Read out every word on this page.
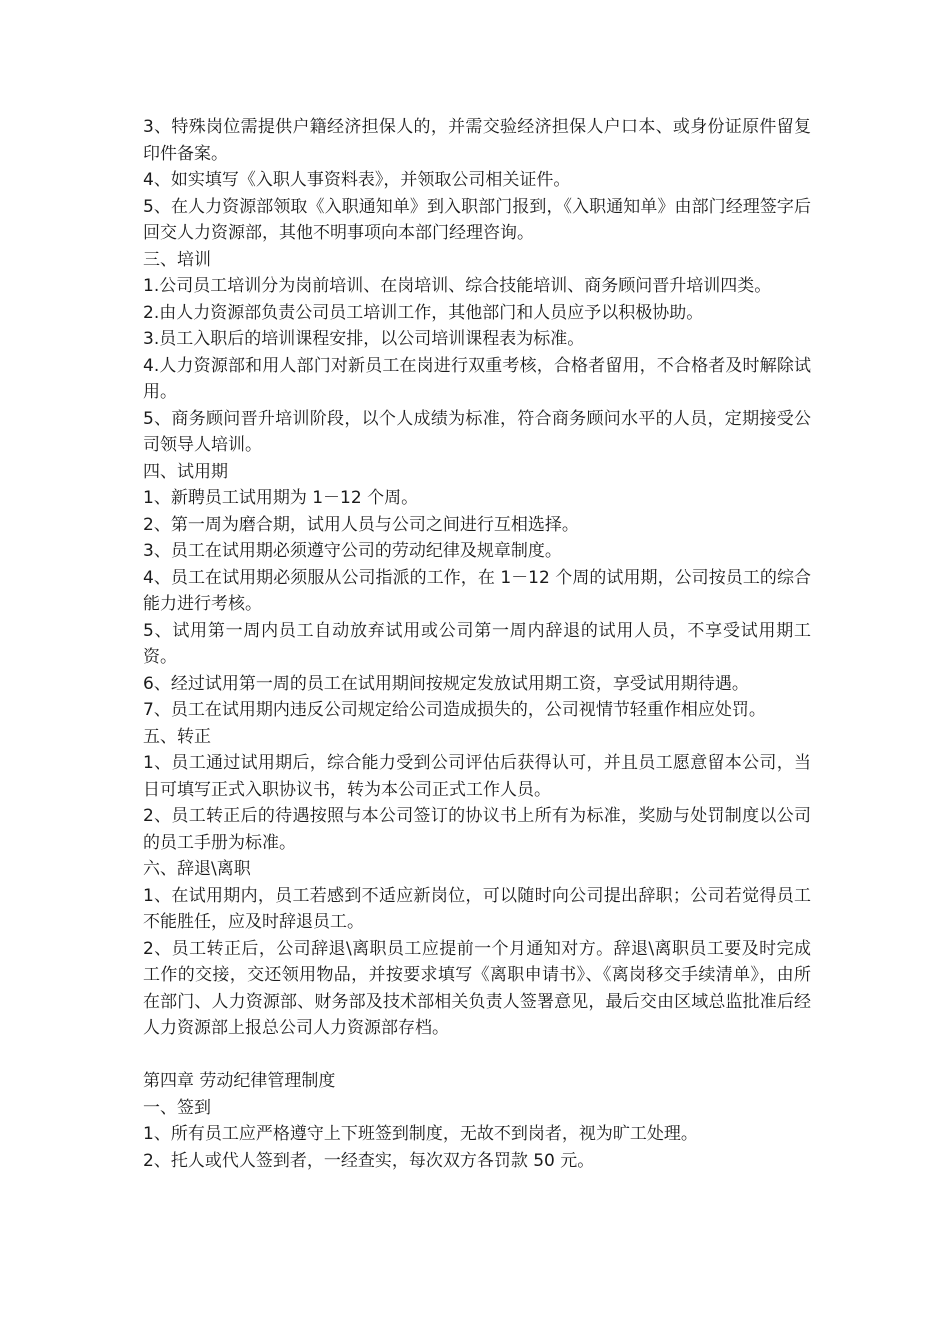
3、特殊岗位需提供户籍经济担保人的，并需交验经济担保人户口本、或身份证原件留复印件备案。

4、如实填写《入职人事资料表》，并领取公司相关证件。

5、在人力资源部领取《入职通知单》到入职部门报到，《入职通知单》由部门经理签字后回交人力资源部，其他不明事项向本部门经理咨询。

三、培训

1.公司员工培训分为岗前培训、在岗培训、综合技能培训、商务顾问晋升培训四类。

2.由人力资源部负责公司员工培训工作，其他部门和人员应予以积极协助。

3.员工入职后的培训课程安排，以公司培训课程表为标准。

4.人力资源部和用人部门对新员工在岗进行双重考核，合格者留用，不合格者及时解除试用。

5、商务顾问晋升培训阶段，以个人成绩为标准，符合商务顾问水平的人员，定期接受公司领导人培训。

四、试用期

1、新聘员工试用期为 1－12 个周。

2、第一周为磨合期，试用人员与公司之间进行互相选择。

3、员工在试用期必须遵守公司的劳动纪律及规章制度。

4、员工在试用期必须服从公司指派的工作，在 1－12 个周的试用期，公司按员工的综合能力进行考核。

5、试用第一周内员工自动放弃试用或公司第一周内辞退的试用人员，不享受试用期工资。

6、经过试用第一周的员工在试用期间按规定发放试用期工资，享受试用期待遇。

7、员工在试用期内违反公司规定给公司造成损失的，公司视情节轻重作相应处罚。

五、转正

1、员工通过试用期后，综合能力受到公司评估后获得认可，并且员工愿意留本公司，当日可填写正式入职协议书，转为本公司正式工作人员。

2、员工转正后的待遇按照与本公司签订的协议书上所有为标准，奖励与处罚制度以公司的员工手册为标准。

六、辞退\离职

1、在试用期内，员工若感到不适应新岗位，可以随时向公司提出辞职；公司若觉得员工不能胜任，应及时辞退员工。

2、员工转正后，公司辞退\离职员工应提前一个月通知对方。辞退\离职员工要及时完成工作的交接，交还领用物品，并按要求填写《离职申请书》、《离岗移交手续清单》，由所在部门、人力资源部、财务部及技术部相关负责人签署意见，最后交由区域总监批准后经人力资源部上报总公司人力资源部存档。

第四章 劳动纪律管理制度

一、签到

1、所有员工应严格遵守上下班签到制度，无故不到岗者，视为旷工处理。

2、托人或代人签到者，一经查实，每次双方各罚款 50 元。
